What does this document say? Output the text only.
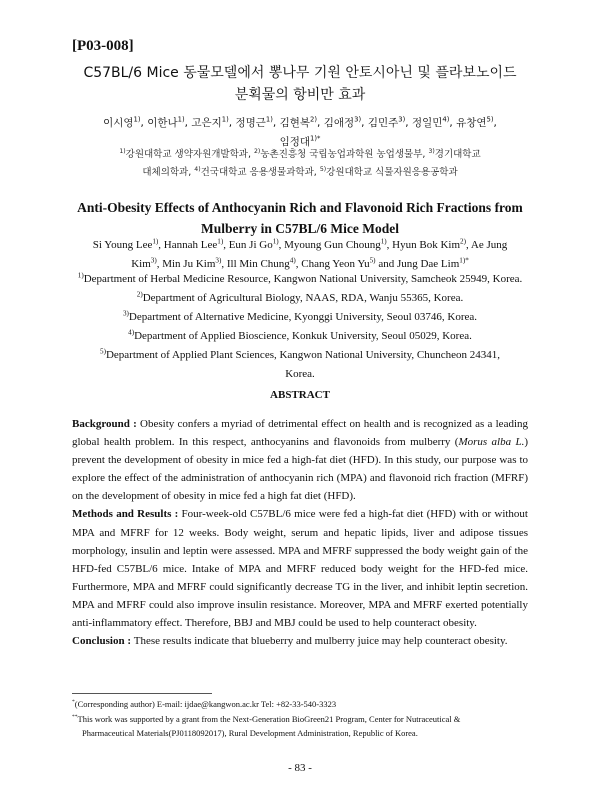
[P03-008]
C57BL/6 Mice 동물모델에서 뽕나무 기원 안토시아닌 및 플라보노이드
분획물의 항비만 효과
이시영$^{1)}$, 이한나$^{1)}$, 고은지$^{1)}$, 정명근$^{1)}$, 김현복$^{2)}$, 김애정$^{3)}$, 김민주$^{3)}$, 정일민$^{4)}$, 유창연$^{5)}$,
임정대$^{1)*}$
$^{1)}$강원대학교 생약자원개발학과, $^{2)}$농촌진흥청 국립농업과학원 농업생물부, $^{3)}$경기대학교
대체의학과, $^{4)}$건국대학교 응용생물과학과, $^{5)}$강원대학교 식물자원응용공학과
Anti-Obesity Effects of Anthocyanin Rich and Flavonoid Rich Fractions from
Mulberry in C57BL/6 Mice Model
Si Young Lee$^{1)}$, Hannah Lee$^{1)}$, Eun Ji Go$^{1)}$, Myoung Gun Choung$^{1)}$, Hyun Bok Kim$^{2)}$, Ae Jung
Kim$^{3)}$, Min Ju Kim$^{3)}$, Ill Min Chung$^{4)}$, Chang Yeon Yu$^{5)}$ and Jung Dae Lim$^{1)*}$
$^{1)}$Department of Herbal Medicine Resource, Kangwon National University, Samcheok 25949, Korea.
$^{2)}$Department of Agricultural Biology, NAAS, RDA, Wanju 55365, Korea.
$^{3)}$Department of Alternative Medicine, Kyonggi University, Seoul 03746, Korea.
$^{4)}$Department of Applied Bioscience, Konkuk University, Seoul 05029, Korea.
$^{5)}$Department of Applied Plant Sciences, Kangwon National University, Chuncheon 24341,
Korea.
ABSTRACT

Background : Obesity confers a myriad of detrimental effect on health and is recognized as a leading global health problem. In this respect, anthocyanins and flavonoids from mulberry (Morus alba L.) prevent the development of obesity in mice fed a high-fat diet (HFD). In this study, our purpose was to explore the effect of the administration of anthocyanin rich (MPA) and flavonoid rich fraction (MFRF) on the development of obesity in mice fed a high fat diet (HFD).

Methods and Results : Four-week-old C57BL/6 mice were fed a high-fat diet (HFD) with or without MPA and MFRF for 12 weeks. Body weight, serum and hepatic lipids, liver and adipose tissues morphology, insulin and leptin were assessed. MPA and MFRF suppressed the body weight gain of the HFD-fed C57BL/6 mice. Intake of MPA and MFRF reduced body weight for the HFD-fed mice. Furthermore, MPA and MFRF could significantly decrease TG in the liver, and inhibit leptin secretion. MPA and MFRF could also improve insulin resistance. Moreover, MPA and MFRF exerted potentially anti-inflammatory effect. Therefore, BBJ and MBJ could be used to help counteract obesity.

Conclusion : These results indicate that blueberry and mulberry juice may help counteract obesity.

*(Corresponding author) E-mail: ijdae@kangwon.ac.kr Tel: +82-33-540-3323
**This work was supported by a grant from the Next-Generation BioGreen21 Program, Center for Nutraceutical &
Pharmaceutical Materials(PJ0118092017), Rural Development Administration, Republic of Korea.
- 83 -
